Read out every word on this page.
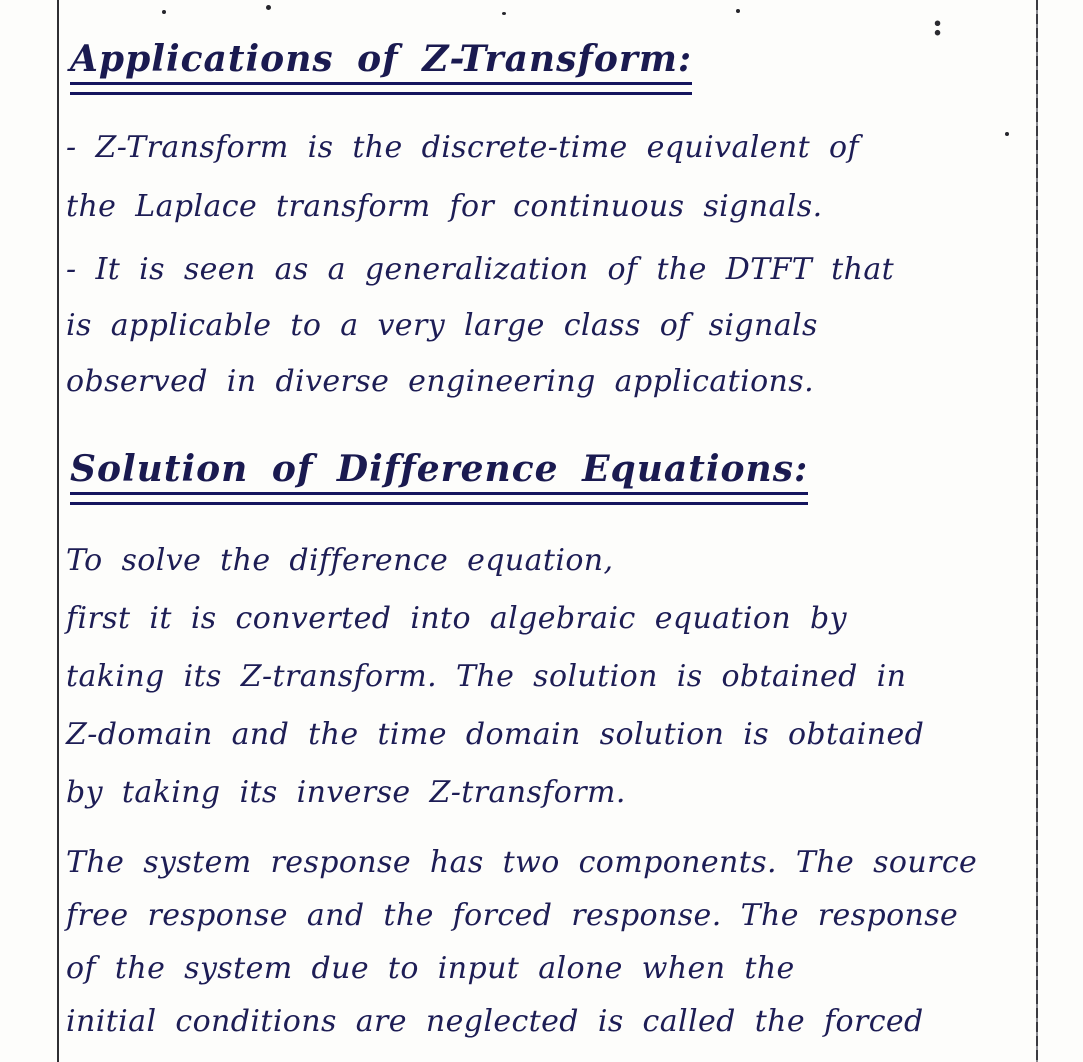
:
Applications of Z-Transform:

- Z-Transform is the discrete-time equivalent of
the Laplace transform for continuous signals.

- It is seen as a generalization of the DTFT that
is applicable to a very large class of signals
observed in diverse engineering applications.

Solution of Difference Equations:

To solve the difference equation,
first it is converted into algebraic equation by
taking its Z-transform. The solution is obtained in
Z-domain and the time domain solution is obtained
by taking its inverse Z-transform.

The system response has two components. The source
free response and the forced response. The response
of the system due to input alone when the
initial conditions are neglected is called the forced
